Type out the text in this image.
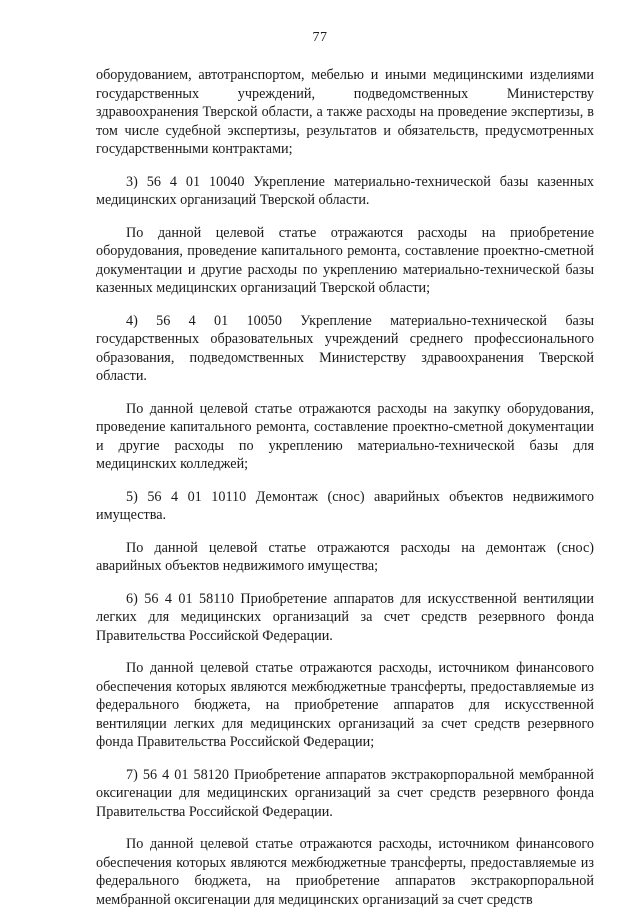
77

оборудованием, автотранспортом, мебелью и иными медицинскими изделиями государственных учреждений, подведомственных Министерству здравоохранения Тверской области, а также расходы на проведение экспертизы, в том числе судебной экспертизы, результатов и обязательств, предусмотренных государственными контрактами;

3) 56 4 01 10040 Укрепление материально-технической базы казенных медицинских организаций Тверской области.

По данной целевой статье отражаются расходы на приобретение оборудования, проведение капитального ремонта, составление проектно-сметной документации и другие расходы по укреплению материально-технической базы казенных медицинских организаций Тверской области;

4) 56 4 01 10050 Укрепление материально-технической базы государственных образовательных учреждений среднего профессионального образования, подведомственных Министерству здравоохранения Тверской области.

По данной целевой статье отражаются расходы на закупку оборудования, проведение капитального ремонта, составление проектно-сметной документации и другие расходы по укреплению материально-технической базы для медицинских колледжей;

5) 56 4 01 10110 Демонтаж (снос) аварийных объектов недвижимого имущества.

По данной целевой статье отражаются расходы на демонтаж (снос) аварийных объектов недвижимого имущества;

6) 56 4 01 58110 Приобретение аппаратов для искусственной вентиляции легких для медицинских организаций за счет средств резервного фонда Правительства Российской Федерации.

По данной целевой статье отражаются расходы, источником финансового обеспечения которых являются межбюджетные трансферты, предоставляемые из федерального бюджета, на приобретение аппаратов для искусственной вентиляции легких для медицинских организаций за счет средств резервного фонда Правительства Российской Федерации;

7) 56 4 01 58120 Приобретение аппаратов экстракорпоральной мембранной оксигенации для медицинских организаций за счет средств резервного фонда Правительства Российской Федерации.

По данной целевой статье отражаются расходы, источником финансового обеспечения которых являются межбюджетные трансферты, предоставляемые из федерального бюджета, на приобретение аппаратов экстракорпоральной мембранной оксигенации для медицинских организаций за счет средств
